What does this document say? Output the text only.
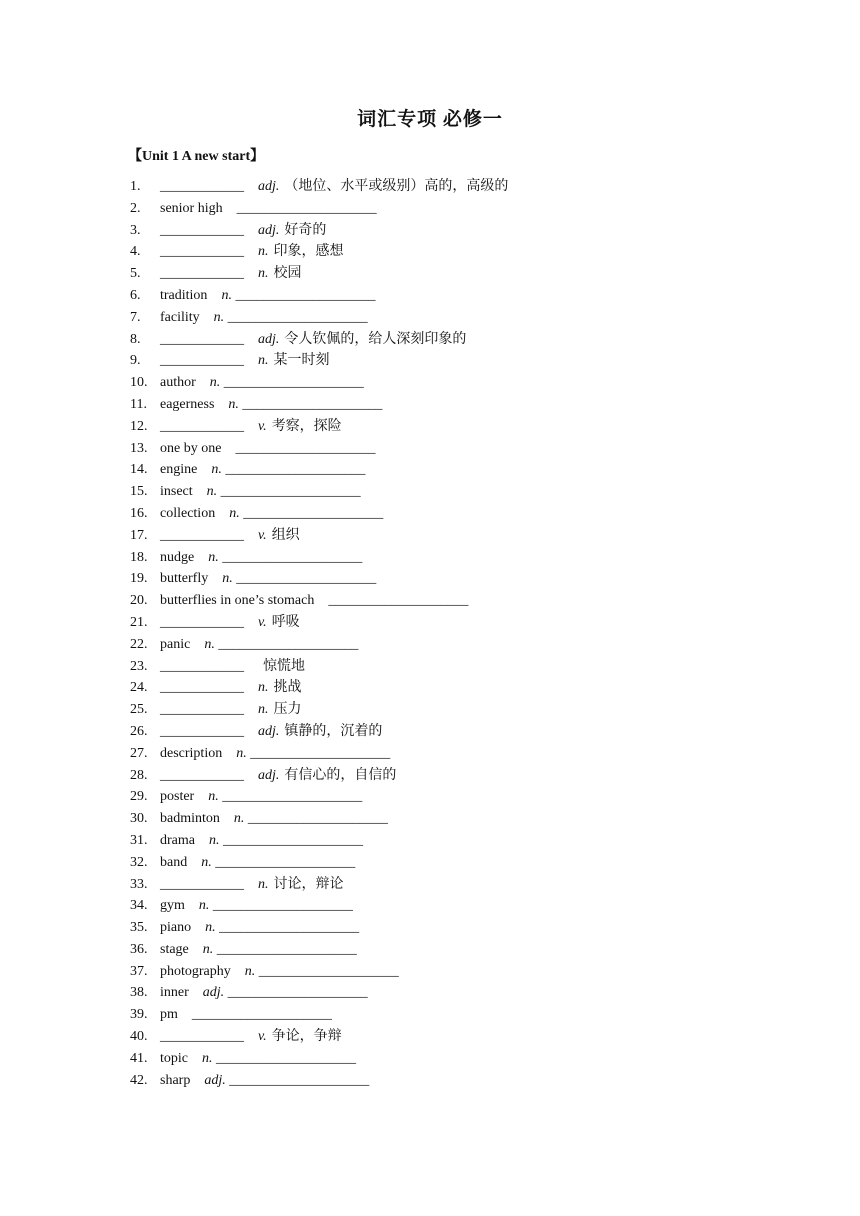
词汇专项 必修一
【Unit 1 A new start】
1. ____________ adj. （地位、水平或级别）高的，高级的
2. senior high ____________________
3. ____________ adj. 好奇的
4. ____________ n. 印象，感想
5. ____________ n. 校园
6. tradition n. ____________________
7. facility n. ____________________
8. ____________ adj. 令人钦佩的，给人深刻印象的
9. ____________ n. 某一时刻
10. author n. ____________________
11. eagerness n. ____________________
12. ____________ v. 考察，探险
13. one by one ____________________
14. engine n. ____________________
15. insect n. ____________________
16. collection n. ____________________
17. ____________ v. 组织
18. nudge n. ____________________
19. butterfly n. ____________________
20. butterflies in one’s stomach ____________________
21. ____________ v. 呼吸
22. panic n. ____________________
23. ____________ 惊慌地
24. ____________ n. 挑战
25. ____________ n. 压力
26. ____________ adj. 镇静的，沉着的
27. description n. ____________________
28. ____________ adj. 有信心的，自信的
29. poster n. ____________________
30. badminton n. ____________________
31. drama n. ____________________
32. band n. ____________________
33. ____________ n. 讨论，辩论
34. gym n. ____________________
35. piano n. ____________________
36. stage n. ____________________
37. photography n. ____________________
38. inner adj. ____________________
39. pm ____________________
40. ____________ v. 争论，争辩
41. topic n. ____________________
42. sharp adj. ____________________
